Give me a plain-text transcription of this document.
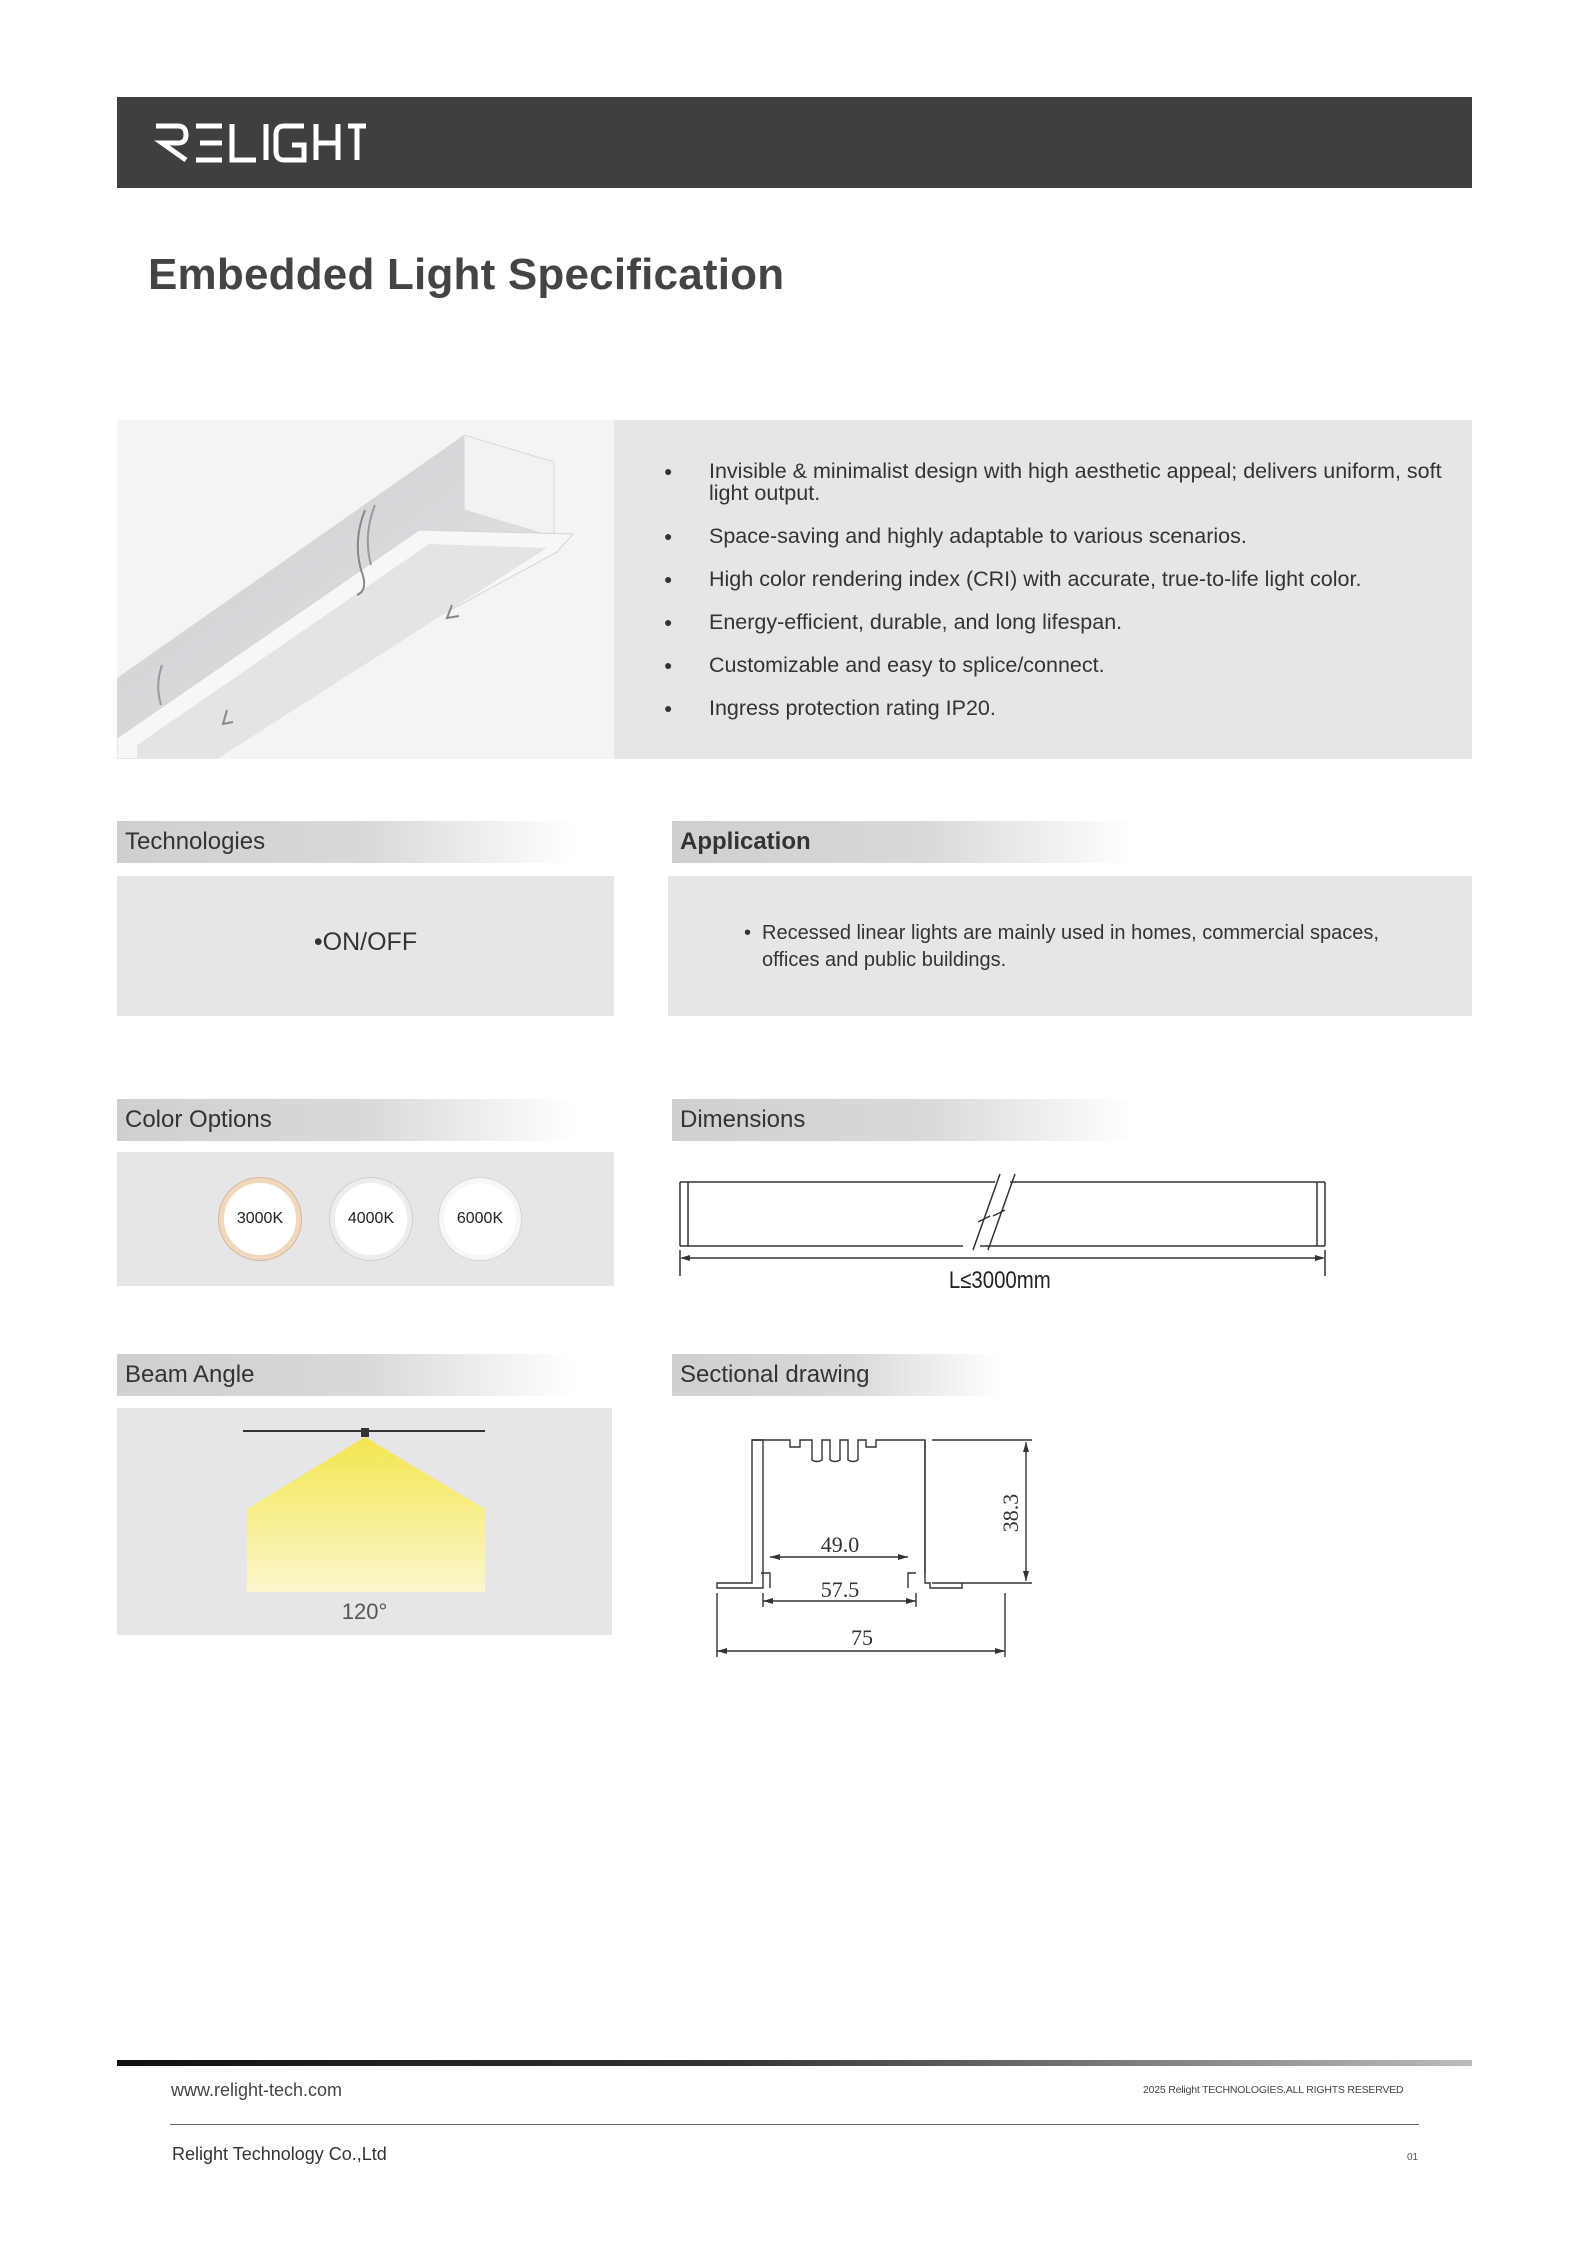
Embedded Light Specification
● Invisible & minimalist design with high aesthetic appeal; delivers uniform, soft light output.
● Space-saving and highly adaptable to various scenarios.
● High color rendering index (CRI) with accurate, true-to-life light color.
● Energy-efficient, durable, and long lifespan.
● Customizable and easy to splice/connect.
● Ingress protection rating IP20.
Technologies
•ON/OFF
Application
• Recessed linear lights are mainly used in homes, commercial spaces, offices and public buildings.
Color Options
3000K	4000K	6000K
Dimensions
L≤3000mm
Beam Angle
120°
Sectional drawing
49.0
57.5
75
38.3
www.relight-tech.com	2025 Relight TECHNOLOGIES.ALL RIGHTS RESERVED
Relight Technology Co.,Ltd	01
